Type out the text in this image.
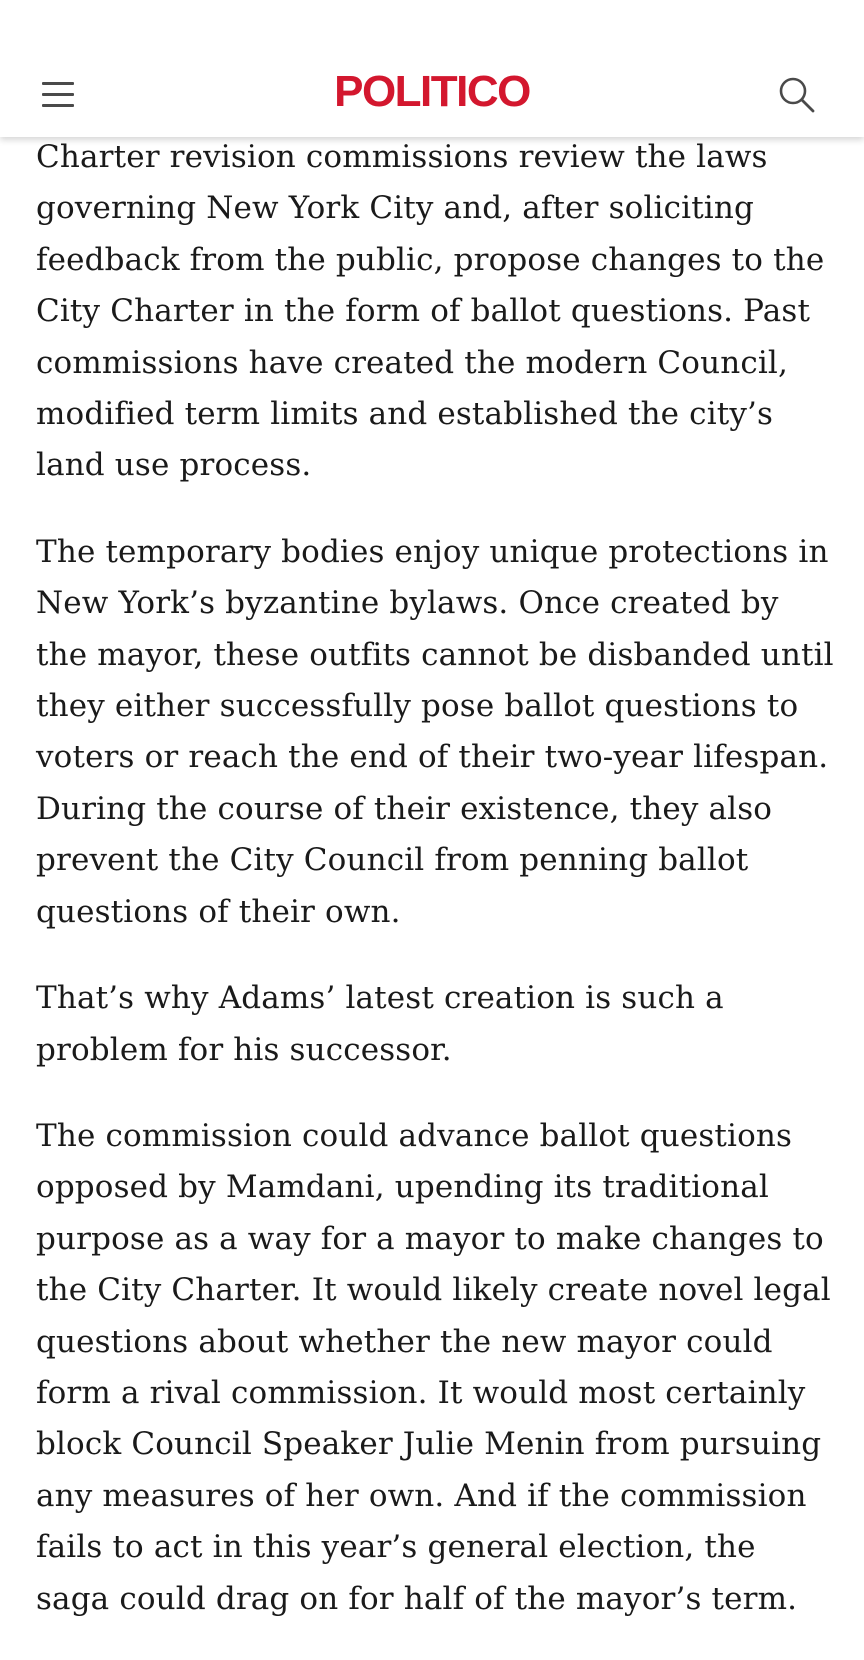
POLITICO

Charter revision commissions review the laws governing New York City and, after soliciting feedback from the public, propose changes to the City Charter in the form of ballot questions. Past commissions have created the modern Council, modified term limits and established the city’s land use process.

The temporary bodies enjoy unique protections in New York’s byzantine bylaws. Once created by the mayor, these outfits cannot be disbanded until they either successfully pose ballot questions to voters or reach the end of their two-year lifespan. During the course of their existence, they also prevent the City Council from penning ballot questions of their own.

That’s why Adams’ latest creation is such a problem for his successor.

The commission could advance ballot questions opposed by Mamdani, upending its traditional purpose as a way for a mayor to make changes to the City Charter. It would likely create novel legal questions about whether the new mayor could form a rival commission. It would most certainly block Council Speaker Julie Menin from pursuing any measures of her own. And if the commission fails to act in this year’s general election, the saga could drag on for half of the mayor’s term.
